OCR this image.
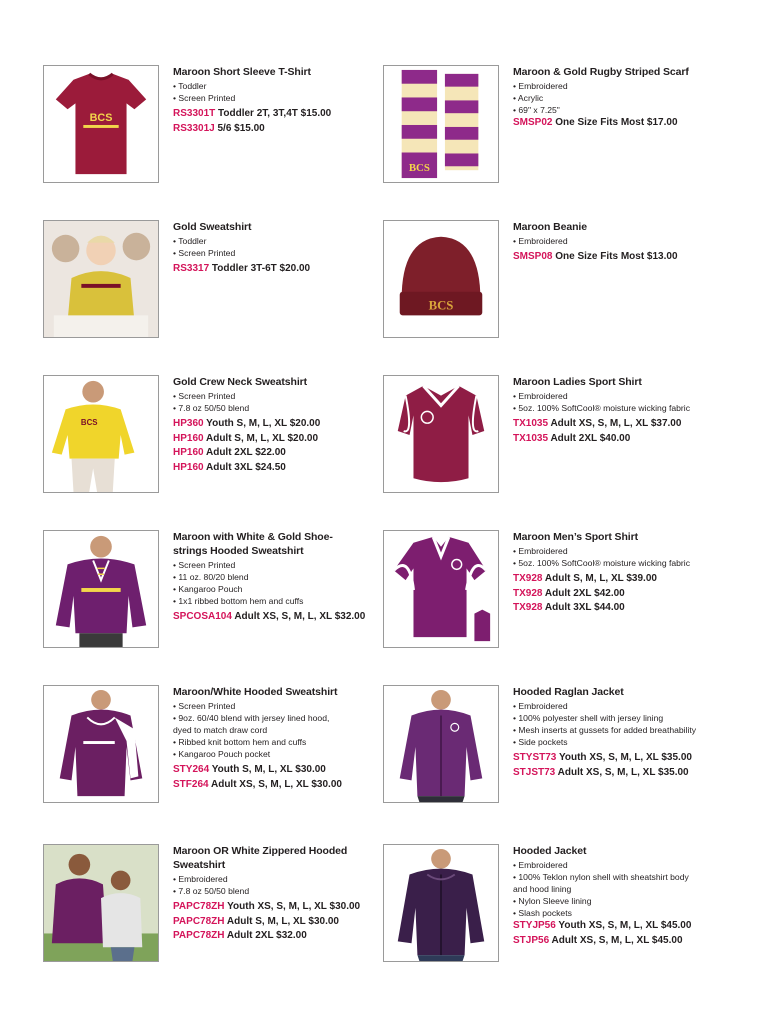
BCS
Maroon Short Sleeve T-Shirt
• Toddler
• Screen Printed
RS3301T Toddler 2T, 3T,4T $15.00
RS3301J 5/6 $15.00
BCS
Maroon & Gold Rugby Striped Scarf
• Embroidered
• Acrylic
• 69" x 7.25"
SMSP02 One Size Fits Most $17.00
Gold Sweatshirt
• Toddler
• Screen Printed
RS3317 Toddler 3T-6T $20.00
BCS
Maroon Beanie
• Embroidered
SMSP08 One Size Fits Most $13.00
BCS
Gold Crew Neck Sweatshirt
• Screen Printed
• 7.8 oz 50/50 blend
HP360 Youth S, M, L, XL $20.00
HP160 Adult S, M, L, XL $20.00
HP160 Adult 2XL $22.00
HP160 Adult 3XL $24.50
Maroon Ladies Sport Shirt
• Embroidered
• 5oz. 100% SoftCool® moisture wicking fabric
TX1035 Adult XS, S, M, L, XL $37.00
TX1035 Adult 2XL $40.00
Maroon with White & Gold Shoe-
strings Hooded Sweatshirt
• Screen Printed
• 11 oz. 80/20 blend
• Kangaroo Pouch
• 1x1 ribbed bottom hem and cuffs
SPCOSA104 Adult XS, S, M, L, XL $32.00
Maroon Men’s Sport Shirt
• Embroidered
• 5oz. 100% SoftCool® moisture wicking fabric
TX928 Adult S, M, L, XL $39.00
TX928 Adult 2XL $42.00
TX928 Adult 3XL $44.00
Maroon/White Hooded Sweatshirt
• Screen Printed
• 9oz. 60/40 blend with jersey lined hood,
dyed to match draw cord
• Ribbed knit bottom hem and cuffs
• Kangaroo Pouch pocket
STY264 Youth S, M, L, XL $30.00
STF264 Adult XS, S, M, L, XL $30.00
Hooded Raglan Jacket
• Embroidered
• 100% polyester shell with jersey lining
• Mesh inserts at gussets for added breathability
• Side pockets
STYST73 Youth XS, S, M, L, XL $35.00
STJST73 Adult XS, S, M, L, XL $35.00
Maroon OR White Zippered Hooded
Sweatshirt
• Embroidered
• 7.8 oz 50/50 blend
PAPC78ZH Youth XS, S, M, L, XL $30.00
PAPC78ZH Adult S, M, L, XL $30.00
PAPC78ZH Adult 2XL $32.00
Hooded Jacket
• Embroidered
• 100% Teklon nylon shell with sheatshirt body
and hood lining
• Nylon Sleeve lining
• Slash pockets
STYJP56 Youth XS, S, M, L, XL $45.00
STJP56 Adult XS, S, M, L, XL $45.00
